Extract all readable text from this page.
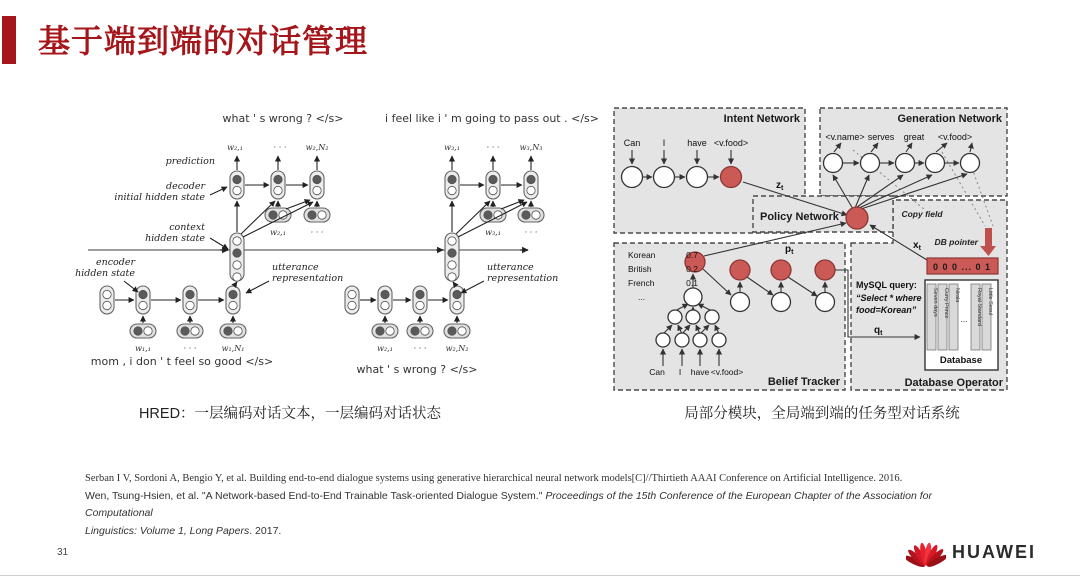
基于端到端的对话管理
what ' s wrong ? </s>	i feel like i ' m going to pass out . </s>
w₂,₁	· · · w₂,N₂	w₃,₁	· · ·	w₃,N₃
prediction
decoder
initial hidden state
w₂,₁	· · ·	w₃,₁	· · ·
context
hidden state
encoder
hidden state
utterance
representation
utterance
representation
w₁,₁	· · ·	w₁,N₁	w₂,₁	· · · w₂,N₂
mom , i don ' t feel so good </s>
what ' s wrong ? </s>
Intent Network	Generation Network
Policy Network
Belief Tracker	Database Operator
Can I have <v.food>
<v.name> serves great <v.food>
$z_t$
$p_t$
$x_t$
$q_t$
Copy field
DB pointer
0 0 0 ... 0 1
Korean	0.7
British	0.2
French	0.1
...
Can I have <v.food>
MySQL query:
“Select * where
food=Korean”	Seven days Curry Prince Nirala
... Royal Standard Little Seoul
Database
HRED：一层编码对话文本，一层编码对话状态	局部分模块，全局端到端的任务型对话系统
Serban I V, Sordoni A, Bengio Y, et al. Building end-to-end dialogue systems using generative hierarchical neural network models[C]//Thirtieth AAAI Conference on Artificial Intelligence. 2016.
Wen, Tsung-Hsien, et al. "A Network-based End-to-End Trainable Task-oriented Dialogue System." Proceedings of the 15th Conference of the European Chapter of the Association for Computational
Linguistics: Volume 1, Long Papers. 2017.
31	HUAWEI
